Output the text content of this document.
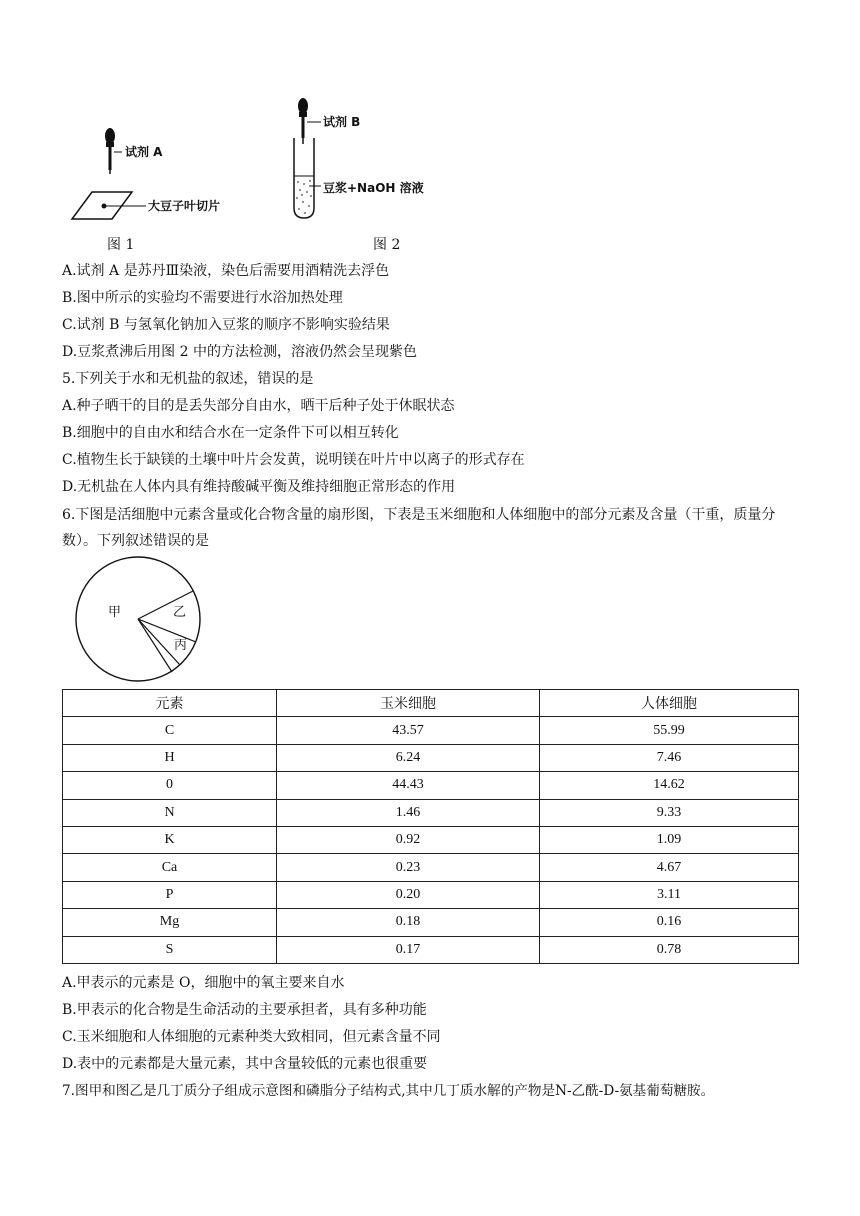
试剂 A
大豆子叶切片
图 1
试剂 B
豆浆+NaOH 溶液
图 2
A.试剂 A 是苏丹Ⅲ染液，染色后需要用酒精洗去浮色
B.图中所示的实验均不需要进行水浴加热处理
C.试剂 B 与氢氧化钠加入豆浆的顺序不影响实验结果
D.豆浆煮沸后用图 2 中的方法检测，溶液仍然会呈现紫色
5.下列关于水和无机盐的叙述，错误的是
A.种子晒干的目的是丢失部分自由水，晒干后种子处于休眠状态
B.细胞中的自由水和结合水在一定条件下可以相互转化
C.植物生长于缺镁的土壤中叶片会发黄，说明镁在叶片中以离子的形式存在
D.无机盐在人体内具有维持酸碱平衡及维持细胞正常形态的作用
6.下图是活细胞中元素含量或化合物含量的扇形图，下表是玉米细胞和人体细胞中的部分元素及含量（干重，质量分数）。下列叙述错误的是
甲	乙
丙
元素	玉米细胞	人体细胞
C	43.57	55.99
H	6.24	7.46
0	44.43	14.62
N	1.46	9.33
K	0.92	1.09
Ca	0.23	4.67
P	0.20	3.11
Mg	0.18	0.16
S	0.17	0.78
A.甲表示的元素是 O，细胞中的氧主要来自水
B.甲表示的化合物是生命活动的主要承担者，具有多种功能
C.玉米细胞和人体细胞的元素种类大致相同，但元素含量不同
D.表中的元素都是大量元素，其中含量较低的元素也很重要
7.图甲和图乙是几丁质分子组成示意图和磷脂分子结构式,其中几丁质水解的产物是N-乙酰-D-氨基葡萄糖胺。
